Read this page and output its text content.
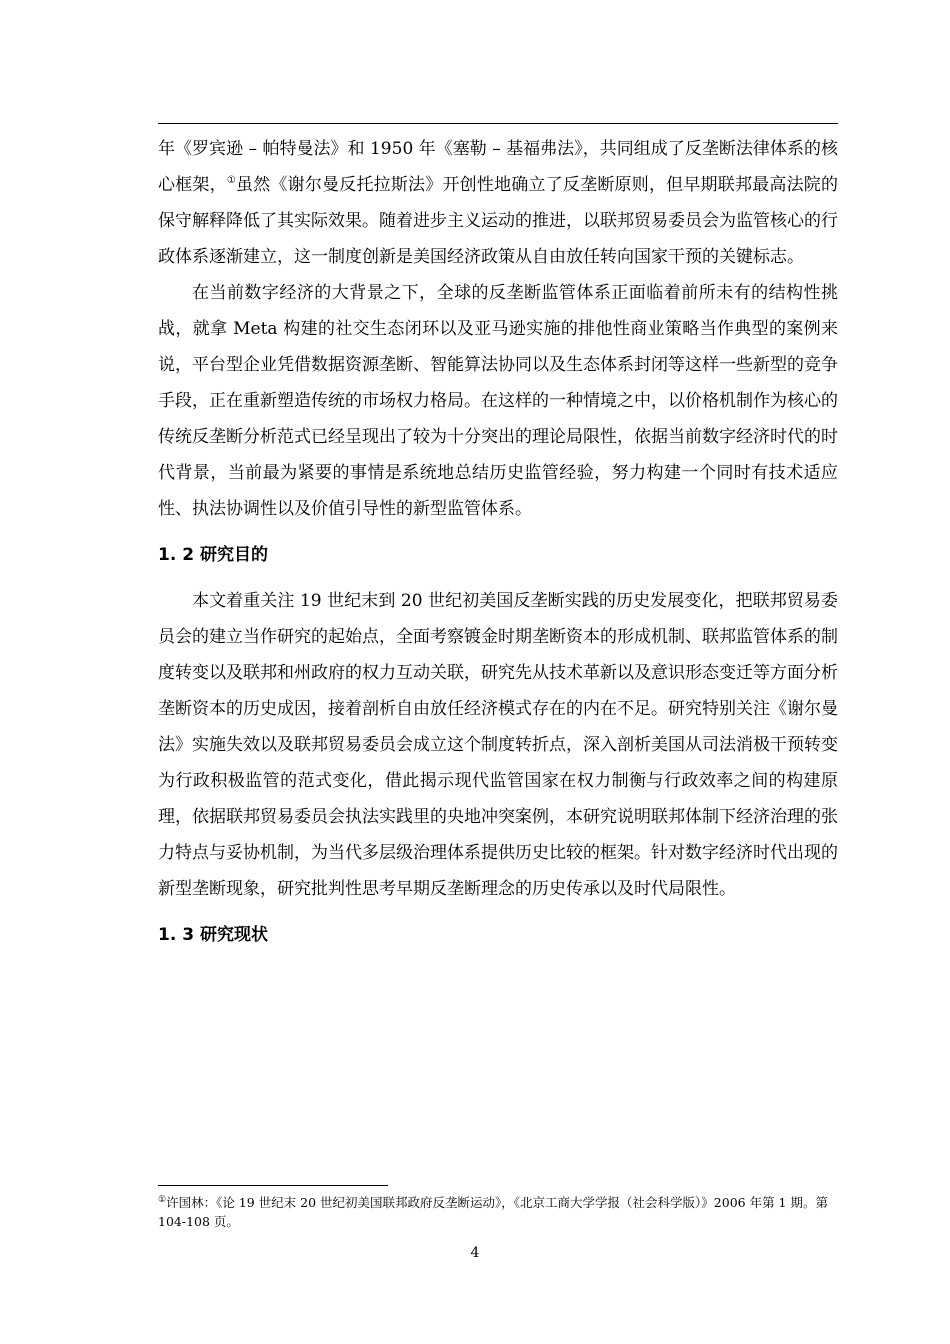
年《罗宾逊 – 帕特曼法》和 1950 年《塞勒 – 基福弗法》，共同组成了反垄断法律体系的核心框架，①虽然《谢尔曼反托拉斯法》开创性地确立了反垄断原则，但早期联邦最高法院的保守解释降低了其实际效果。随着进步主义运动的推进，以联邦贸易委员会为监管核心的行政体系逐渐建立，这一制度创新是美国经济政策从自由放任转向国家干预的关键标志。

在当前数字经济的大背景之下，全球的反垄断监管体系正面临着前所未有的结构性挑战，就拿 Meta 构建的社交生态闭环以及亚马逊实施的排他性商业策略当作典型的案例来说，平台型企业凭借数据资源垄断、智能算法协同以及生态体系封闭等这样一些新型的竞争手段，正在重新塑造传统的市场权力格局。在这样的一种情境之中，以价格机制作为核心的传统反垄断分析范式已经呈现出了较为十分突出的理论局限性，依据当前数字经济时代的时代背景，当前最为紧要的事情是系统地总结历史监管经验，努力构建一个同时有技术适应性、执法协调性以及价值引导性的新型监管体系。

1. 2 研究目的

本文着重关注 19 世纪末到 20 世纪初美国反垄断实践的历史发展变化，把联邦贸易委员会的建立当作研究的起始点，全面考察镀金时期垄断资本的形成机制、联邦监管体系的制度转变以及联邦和州政府的权力互动关联，研究先从技术革新以及意识形态变迁等方面分析垄断资本的历史成因，接着剖析自由放任经济模式存在的内在不足。研究特别关注《谢尔曼法》实施失效以及联邦贸易委员会成立这个制度转折点，深入剖析美国从司法消极干预转变为行政积极监管的范式变化，借此揭示现代监管国家在权力制衡与行政效率之间的构建原理，依据联邦贸易委员会执法实践里的央地冲突案例，本研究说明联邦体制下经济治理的张力特点与妥协机制，为当代多层级治理体系提供历史比较的框架。针对数字经济时代出现的新型垄断现象，研究批判性思考早期反垄断理念的历史传承以及时代局限性。

1. 3 研究现状
①许国林：《论 19 世纪末 20 世纪初美国联邦政府反垄断运动》，《北京工商大学学报（社会科学版）》2006 年第 1 期。第 104-108 页。
4
